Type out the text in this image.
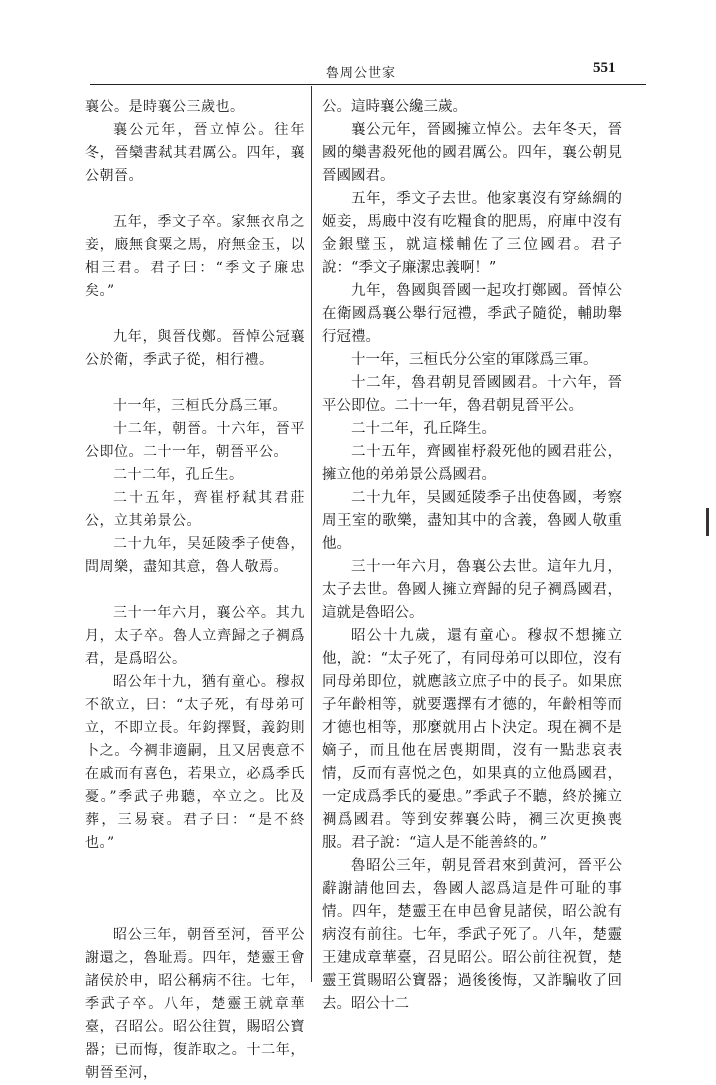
魯周公世家	551

襄公。是時襄公三歲也。

襄公元年，晉立悼公。往年冬，晉欒書弒其君厲公。四年，襄公朝晉。

五年，季文子卒。家無衣帛之妾，廄無食粟之馬，府無金玉，以相三君。君子曰：“季文子廉忠矣。”

九年，與晉伐鄭。晉悼公冠襄公於衛，季武子從，相行禮。

十一年，三桓氏分爲三軍。

十二年，朝晉。十六年，晉平公即位。二十一年，朝晉平公。

二十二年，孔丘生。

二十五年，齊崔杼弒其君莊公，立其弟景公。

二十九年，吴延陵季子使魯，問周樂，盡知其意，魯人敬焉。

三十一年六月，襄公卒。其九月，太子卒。魯人立齊歸之子裯爲君，是爲昭公。

昭公年十九，猶有童心。穆叔不欲立，曰：“太子死，有母弟可立，不即立長。年鈞擇賢，義鈞則卜之。今裯非適嗣，且又居喪意不在戚而有喜色，若果立，必爲季氏憂。”季武子弗聽，卒立之。比及葬，三易衰。君子曰：“是不終也。”

昭公三年，朝晉至河，晉平公謝還之，魯耻焉。四年，楚靈王會諸侯於申，昭公稱病不往。七年，季武子卒。八年，楚靈王就章華臺，召昭公。昭公往賀，賜昭公寶器；已而悔，復詐取之。十二年，朝晉至河，

公。這時襄公纔三歲。

襄公元年，晉國擁立悼公。去年冬天，晉國的欒書殺死他的國君厲公。四年，襄公朝見晉國國君。

五年，季文子去世。他家裏沒有穿絲綢的姬妾，馬廄中沒有吃糧食的肥馬，府庫中沒有金銀璧玉，就這樣輔佐了三位國君。君子說：“季文子廉潔忠義啊！”

九年，魯國與晉國一起攻打鄭國。晉悼公在衛國爲襄公舉行冠禮，季武子隨從，輔助舉行冠禮。

十一年，三桓氏分公室的軍隊爲三軍。

十二年，魯君朝見晉國國君。十六年，晉平公即位。二十一年，魯君朝見晉平公。

二十二年，孔丘降生。

二十五年，齊國崔杼殺死他的國君莊公，擁立他的弟弟景公爲國君。

二十九年，吴國延陵季子出使魯國，考察周王室的歌樂，盡知其中的含義，魯國人敬重他。

三十一年六月，魯襄公去世。這年九月，太子去世。魯國人擁立齊歸的兒子裯爲國君，這就是魯昭公。

昭公十九歲，還有童心。穆叔不想擁立他，說：“太子死了，有同母弟可以即位，沒有同母弟即位，就應該立庶子中的長子。如果庶子年齡相等，就要選擇有才德的，年齡相等而才德也相等，那麼就用占卜決定。現在裯不是嫡子，而且他在居喪期間，沒有一點悲哀表情，反而有喜悦之色，如果真的立他爲國君，一定成爲季氏的憂患。”季武子不聽，終於擁立裯爲國君。等到安葬襄公時，裯三次更換喪服。君子說：“這人是不能善終的。”

魯昭公三年，朝見晉君來到黄河，晉平公辭謝請他回去，魯國人認爲這是件可耻的事情。四年，楚靈王在申邑會見諸侯，昭公說有病沒有前往。七年，季武子死了。八年，楚靈王建成章華臺，召見昭公。昭公前往祝賀，楚靈王賞賜昭公寶器；過後後悔，又詐騙收了回去。昭公十二
